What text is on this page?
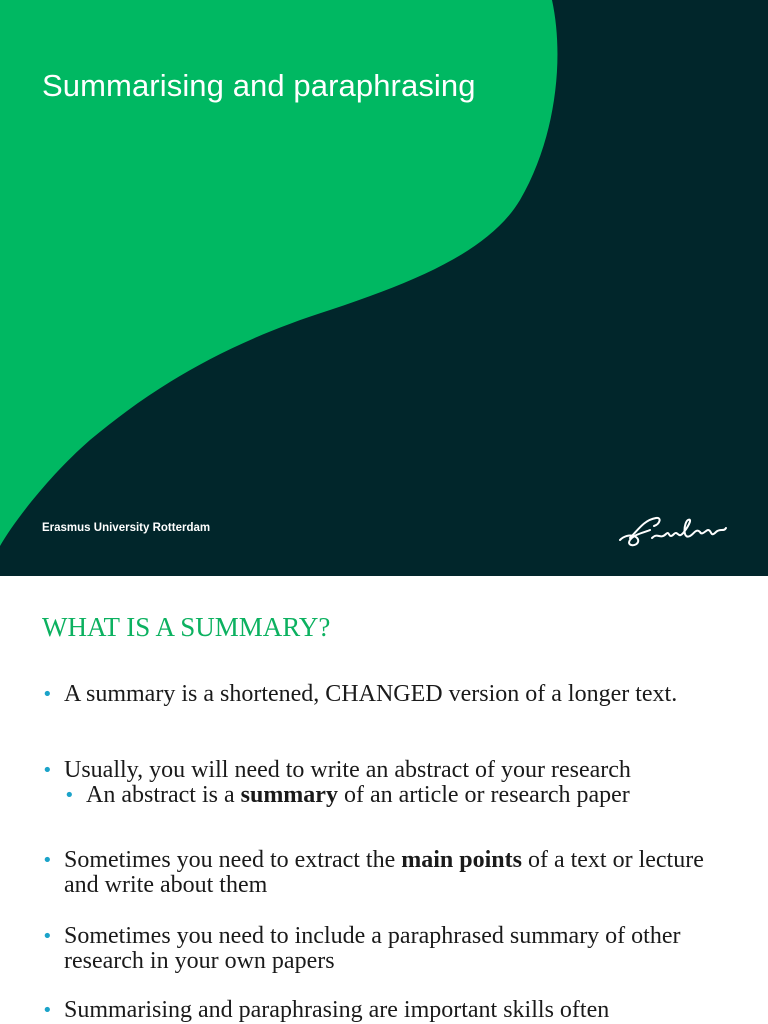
Summarising and paraphrasing
Erasmus University Rotterdam
WHAT IS A SUMMARY?
• A summary is a shortened, CHANGED version of a longer text.
• Usually, you will need to write an abstract of your research
• An abstract is a summary of an article or research paper
• Sometimes you need to extract the main points of a text or lecture and write about them
• Sometimes you need to include a paraphrased summary of other research in your own papers
• Summarising and paraphrasing are important skills often
